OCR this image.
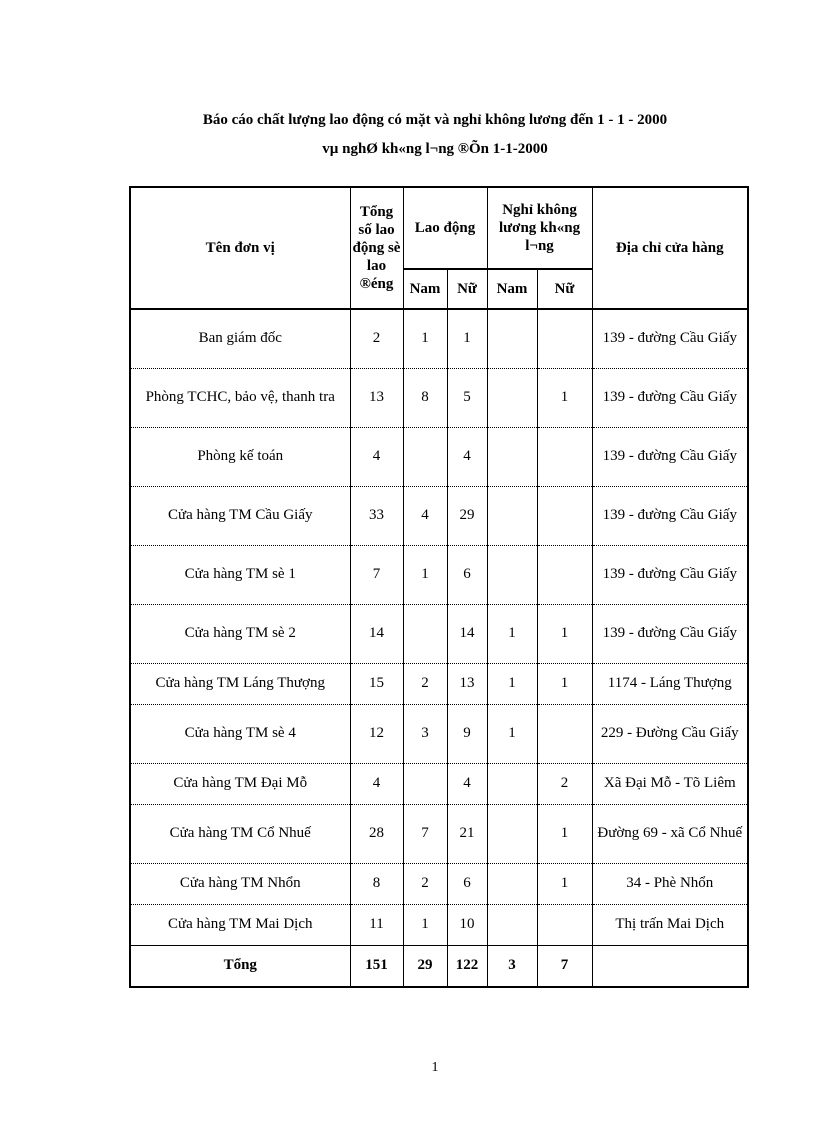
Báo cáo chất lượng lao động có mặt và nghỉ không lương đến 1 - 1 - 2000
vµ nghØ kh«ng l¬ng ®Õn 1-1-2000
Tên đơn vị	Tổng số lao động sè lao ®éng	Lao động		Nghỉ không lương kh«ng l¬ng		Địa chỉ cửa hàng
		Nam	Nữ	Nam	Nữ	
Ban giám đốc	2	1	1			139 - đường Cầu Giấy
Phòng TCHC, bảo vệ, thanh tra	13	8	5		1	139 - đường Cầu Giấy
Phòng kế toán	4		4			139 - đường Cầu Giấy
Cửa hàng TM Cầu Giấy	33	4	29			139 - đường Cầu Giấy
Cửa hàng TM sè 1	7	1	6			139 - đường Cầu Giấy
Cửa hàng TM sè 2	14		14	1	1	139 - đường Cầu Giấy
Cửa hàng TM Láng Thượng	15	2	13	1	1	1174 - Láng Thượng
Cửa hàng TM sè 4	12	3	9	1		229 - Đường Cầu Giấy
Cửa hàng TM Đại Mỗ	4		4		2	Xã Đại Mỗ - Tõ Liêm
Cửa hàng TM Cổ Nhuế	28	7	21		1	Đường 69 - xã Cổ Nhuế
Cửa hàng TM Nhổn	8	2	6		1	34 - Phè Nhổn
Cửa hàng TM Mai Dịch	11	1	10			Thị trấn Mai Dịch
Tổng	151	29	122	3	7	
1
